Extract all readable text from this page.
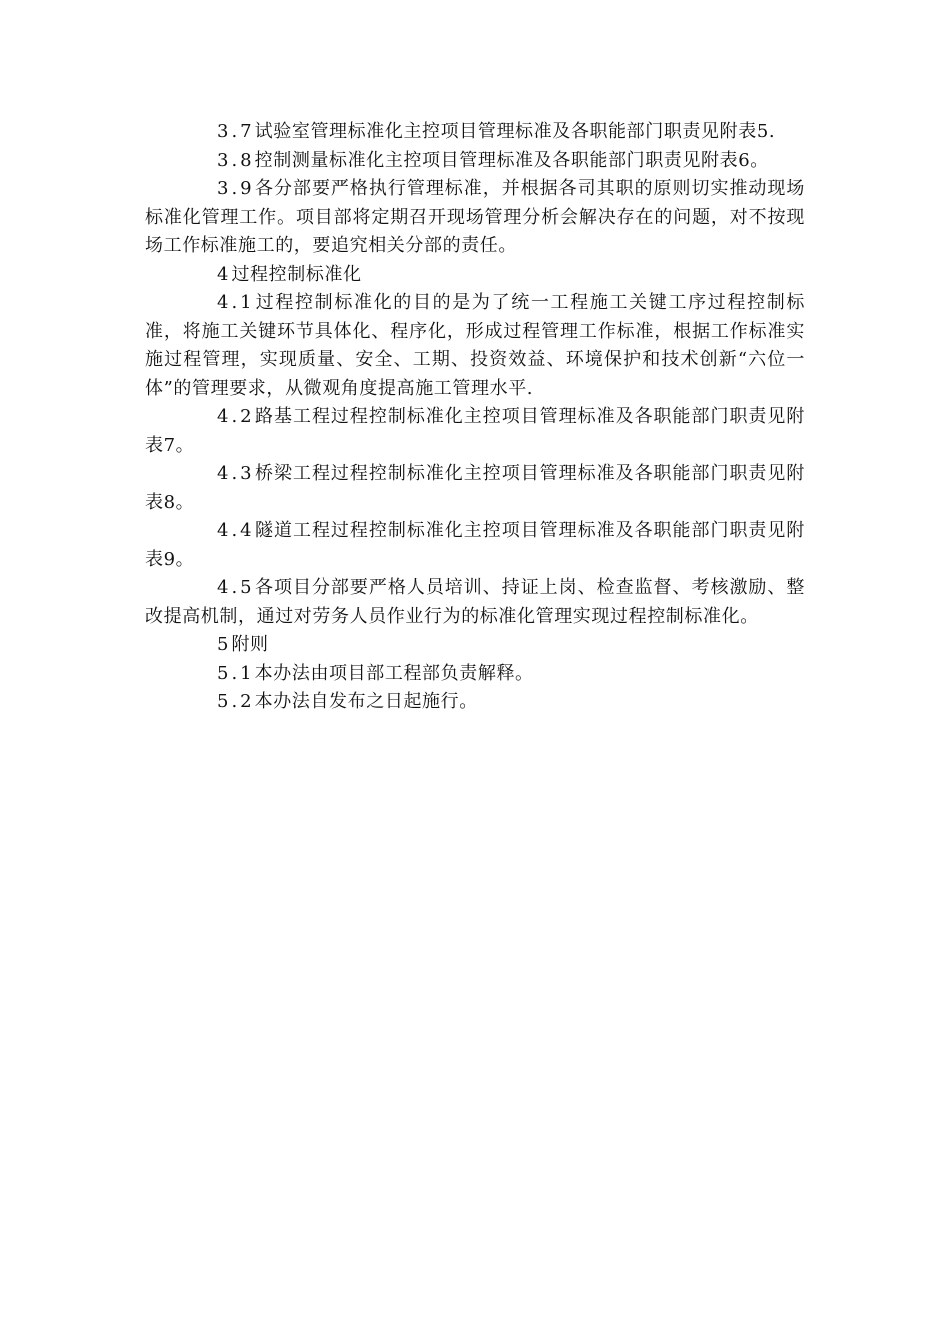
3.7试验室管理标准化主控项目管理标准及各职能部门职责见附表5.

3.8控制测量标准化主控项目管理标准及各职能部门职责见附表6。

3.9各分部要严格执行管理标准，并根据各司其职的原则切实推动现场标准化管理工作。项目部将定期召开现场管理分析会解决存在的问题，对不按现场工作标准施工的，要追究相关分部的责任。

4过程控制标准化

4.1过程控制标准化的目的是为了统一工程施工关键工序过程控制标准，将施工关键环节具体化、程序化，形成过程管理工作标准，根据工作标准实施过程管理，实现质量、安全、工期、投资效益、环境保护和技术创新“六位一体”的管理要求，从微观角度提高施工管理水平.

4.2路基工程过程控制标准化主控项目管理标准及各职能部门职责见附表7。

4.3桥梁工程过程控制标准化主控项目管理标准及各职能部门职责见附表8。

4.4隧道工程过程控制标准化主控项目管理标准及各职能部门职责见附表9。

4.5各项目分部要严格人员培训、持证上岗、检查监督、考核激励、整改提高机制，通过对劳务人员作业行为的标准化管理实现过程控制标准化。

5附则

5.1本办法由项目部工程部负责解释。

5.2本办法自发布之日起施行。
